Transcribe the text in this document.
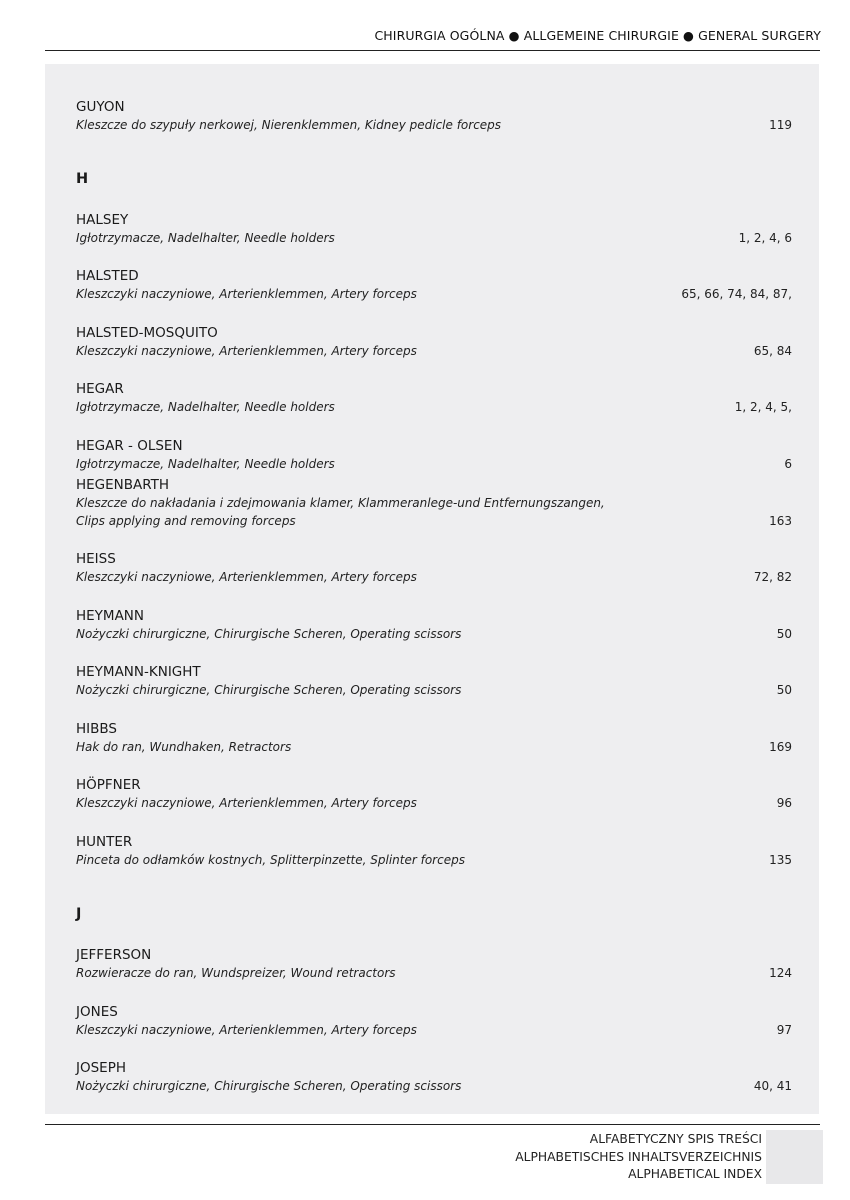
CHIRURGIA OGÓLNA ● ALLGEMEINE CHIRURGIE ● GENERAL SURGERY
GUYON
Kleszcze do szypuły nerkowej, Nierenklemmen, Kidney pedicle forceps	119
H
HALSEY
Igłotrzymacze, Nadelhalter, Needle holders	1, 2, 4, 6
HALSTED
Kleszczyki naczyniowe, Arterienklemmen, Artery forceps	65, 66, 74, 84, 87,
HALSTED-MOSQUITO
Kleszczyki naczyniowe, Arterienklemmen, Artery forceps	65, 84
HEGAR
Igłotrzymacze, Nadelhalter, Needle holders	1, 2, 4, 5,
HEGAR - OLSEN
Igłotrzymacze, Nadelhalter, Needle holders	6
HEGENBARTH
Kleszcze do nakładania i zdejmowania klamer, Klammeranlege-und Entfernungszangen,
Clips applying and removing forceps	163
HEISS
Kleszczyki naczyniowe, Arterienklemmen, Artery forceps	72, 82
HEYMANN
Nożyczki chirurgiczne, Chirurgische Scheren, Operating scissors	50
HEYMANN-KNIGHT
Nożyczki chirurgiczne, Chirurgische Scheren, Operating scissors	50
HIBBS
Hak do ran, Wundhaken, Retractors	169
HÖPFNER
Kleszczyki naczyniowe, Arterienklemmen, Artery forceps	96
HUNTER
Pinceta do odłamków kostnych, Splitterpinzette, Splinter forceps	135
J
JEFFERSON
Rozwieracze do ran, Wundspreizer, Wound retractors	124
JONES
Kleszczyki naczyniowe, Arterienklemmen, Artery forceps	97
JOSEPH
Nożyczki chirurgiczne, Chirurgische Scheren, Operating scissors	40, 41
ALFABETYCZNY SPIS TREŚCI
ALPHABETISCHES INHALTSVERZEICHNIS
ALPHABETICAL INDEX
